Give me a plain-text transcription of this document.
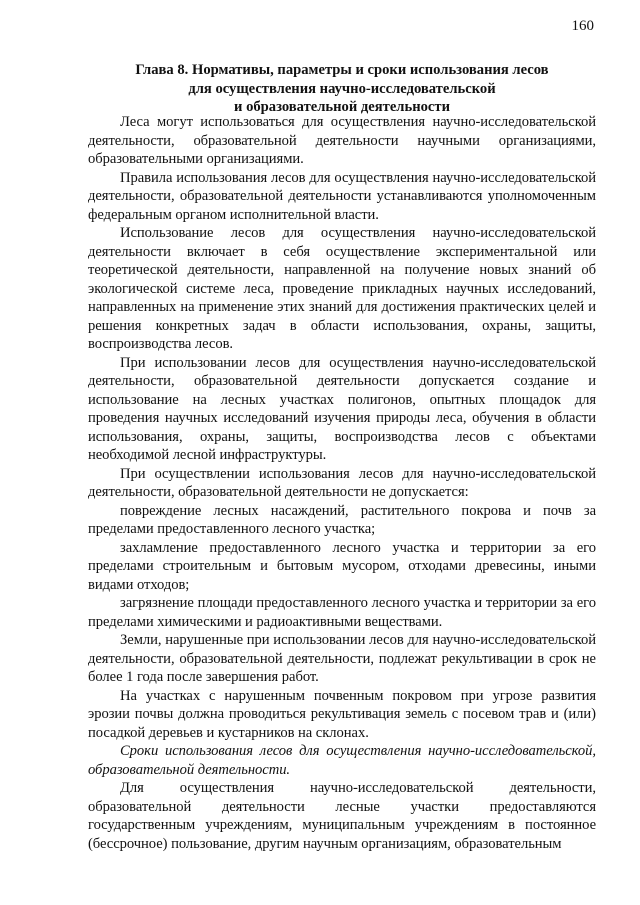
160
Глава 8. Нормативы, параметры и сроки использования лесов
для осуществления научно-исследовательской
и образовательной деятельности

Леса могут использоваться для осуществления научно-исследовательской деятельности, образовательной деятельности научными организациями, образовательными организациями.

Правила использования лесов для осуществления научно-исследовательской деятельности, образовательной деятельности устанавливаются уполномоченным федеральным органом исполнительной власти.

Использование лесов для осуществления научно-исследовательской деятельности включает в себя осуществление экспериментальной или теоретической деятельности, направленной на получение новых знаний об экологической системе леса, проведение прикладных научных исследований, направленных на применение этих знаний для достижения практических целей и решения конкретных задач в области использования, охраны, защиты, воспроизводства лесов.

При использовании лесов для осуществления научно-исследовательской деятельности, образовательной деятельности допускается создание и использование на лесных участках полигонов, опытных площадок для проведения научных исследований изучения природы леса, обучения в области использования, охраны, защиты, воспроизводства лесов с объектами необходимой лесной инфраструктуры.

При осуществлении использования лесов для научно-исследовательской деятельности, образовательной деятельности не допускается:

повреждение лесных насаждений, растительного покрова и почв за пределами предоставленного лесного участка;

захламление предоставленного лесного участка и территории за его пределами строительным и бытовым мусором, отходами древесины, иными видами отходов;

загрязнение площади предоставленного лесного участка и территории за его пределами химическими и радиоактивными веществами.

Земли, нарушенные при использовании лесов для научно-исследовательской деятельности, образовательной деятельности, подлежат рекультивации в срок не более 1 года после завершения работ.

На участках с нарушенным почвенным покровом при угрозе развития эрозии почвы должна проводиться рекультивация земель с посевом трав и (или) посадкой деревьев и кустарников на склонах.

Сроки использования лесов для осуществления научно-исследовательской, образовательной деятельности.

Для осуществления научно-исследовательской деятельности, образовательной деятельности лесные участки предоставляются государственным учреждениям, муниципальным учреждениям в постоянное (бессрочное) пользование, другим научным организациям, образовательным
